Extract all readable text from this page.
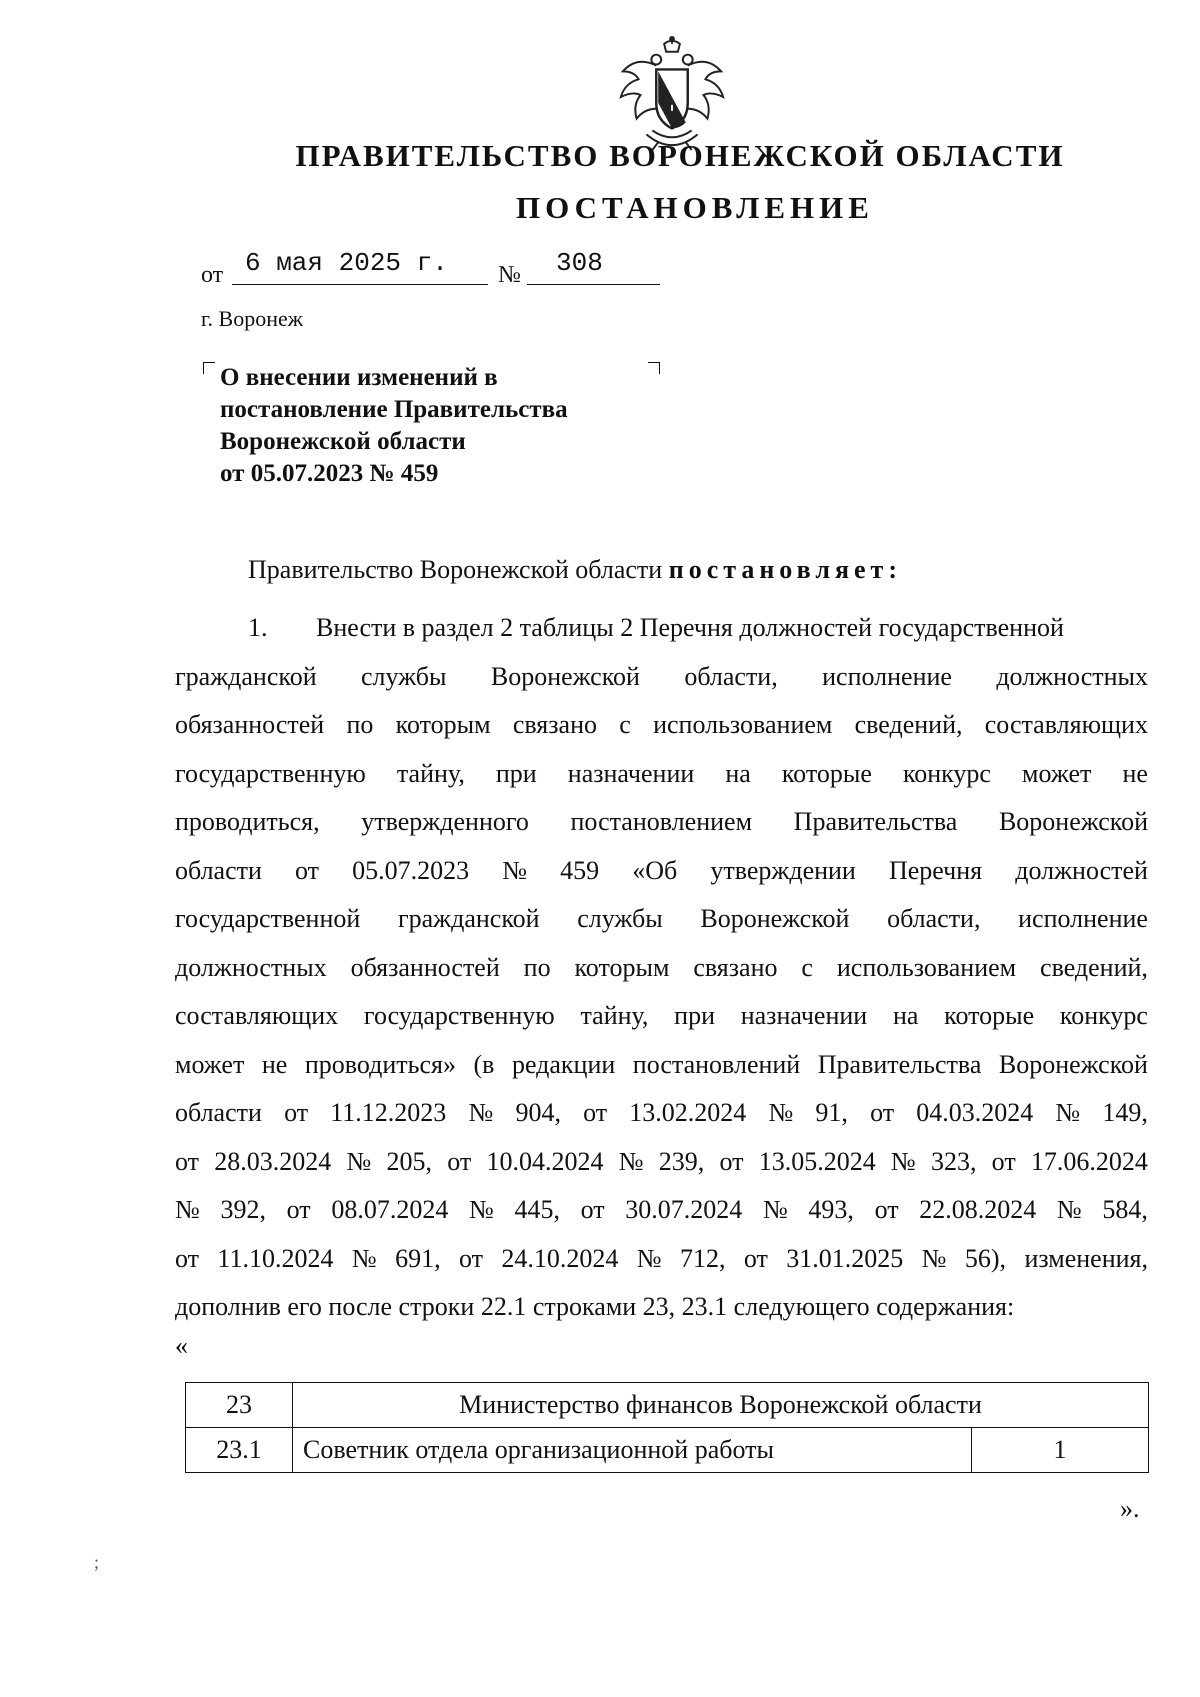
ПРАВИТЕЛЬСТВО ВОРОНЕЖСКОЙ ОБЛАСТИ
ПОСТАНОВЛЕНИЕ
от 6 мая 2025 г. № 308
г. Воронеж
О внесении изменений в
постановление Правительства
Воронежской области
от 05.07.2023 № 459
Правительство Воронежской области постановляет:
1.	Внести в раздел 2 таблицы 2 Перечня должностей государственной
гражданской службы Воронежской области, исполнение должностных
обязанностей по которым связано с использованием сведений, составляющих
государственную тайну, при назначении на которые конкурс может не
проводиться, утвержденного постановлением Правительства Воронежской
области от 05.07.2023 № 459 «Об утверждении Перечня должностей
государственной гражданской службы Воронежской области, исполнение
должностных обязанностей по которым связано с использованием сведений,
составляющих государственную тайну, при назначении на которые конкурс
может не проводиться» (в редакции постановлений Правительства Воронежской
области от 11.12.2023 № 904, от 13.02.2024 № 91, от 04.03.2024 № 149,
от 28.03.2024 № 205, от 10.04.2024 № 239, от 13.05.2024 № 323, от 17.06.2024
№ 392, от 08.07.2024 № 445, от 30.07.2024 № 493, от 22.08.2024 № 584,
от 11.10.2024 № 691, от 24.10.2024 № 712, от 31.01.2025 № 56), изменения,
дополнив его после строки 22.1 строками 23, 23.1 следующего содержания:
«
23	Министерство финансов Воронежской области	
23.1	Советник отдела организационной работы	1
».
;
